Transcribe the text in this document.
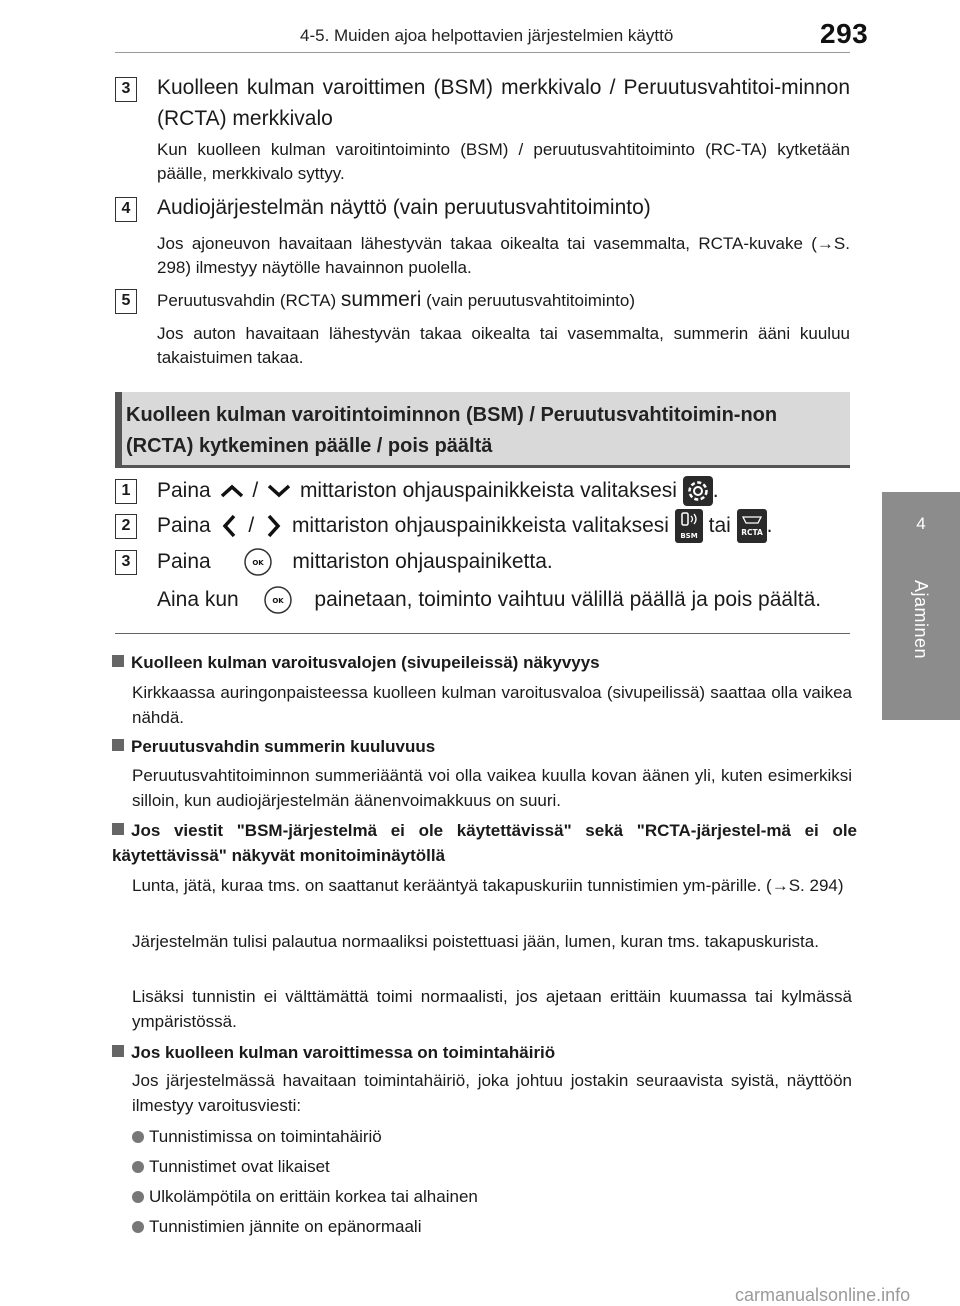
4-5. Muiden ajoa helpottavien järjestelmien käyttö	293
4
Ajaminen
3	Kuolleen kulman varoittimen (BSM) merkkivalo / Peruutusvahtitoi-minnon (RCTA) merkkivalo
Kun kuolleen kulman varoitintoiminto (BSM) / peruutusvahtitoiminto (RC-TA) kytketään päälle, merkkivalo syttyy.
4	Audiojärjestelmän näyttö (vain peruutusvahtitoiminto)
Jos ajoneuvon havaitaan lähestyvän takaa oikealta tai vasemmalta, RCTA-kuvake (→S. 298) ilmestyy näytölle havainnon puolella.
5	Peruutusvahdin (RCTA) summeri (vain peruutusvahtitoiminto)
Jos auton havaitaan lähestyvän takaa oikealta tai vasemmalta, summerin ääni kuuluu takaistuimen takaa.
Kuolleen kulman varoitintoiminnon (BSM) / Peruutusvahtitoimin-non (RCTA) kytkeminen päälle / pois päältä
1	Paina / mittariston ohjauspainikkeista valitaksesi .
2	Paina / mittariston ohjauspainikkeista valitaksesi BSM tai RCTA .
3	Paina	OK mittariston ohjauspainiketta.
Aina kun	OK painetaan, toiminto vaihtuu välillä päällä ja pois päältä.
Kuolleen kulman varoitusvalojen (sivupeileissä) näkyvyys
Kirkkaassa auringonpaisteessa kuolleen kulman varoitusvaloa (sivupeilissä) saattaa olla vaikea nähdä.
Peruutusvahdin summerin kuuluvuus
Peruutusvahtitoiminnon summeriääntä voi olla vaikea kuulla kovan äänen yli, kuten esimerkiksi silloin, kun audiojärjestelmän äänenvoimakkuus on suuri.
Jos viestit "BSM-järjestelmä ei ole käytettävissä" sekä "RCTA-järjestel-mä ei ole käytettävissä" näkyvät monitoiminäytöllä
Lunta, jätä, kuraa tms. on saattanut kerääntyä takapuskuriin tunnistimien ym-pärille. (→S. 294)
Järjestelmän tulisi palautua normaaliksi poistettuasi jään, lumen, kuran tms. takapuskurista.
Lisäksi tunnistin ei välttämättä toimi normaalisti, jos ajetaan erittäin kuumassa tai kylmässä ympäristössä.
Jos kuolleen kulman varoittimessa on toimintahäiriö
Jos järjestelmässä havaitaan toimintahäiriö, joka johtuu jostakin seuraavista syistä, näyttöön ilmestyy varoitusviesti:
Tunnistimissa on toimintahäiriö
Tunnistimet ovat likaiset
Ulkolämpötila on erittäin korkea tai alhainen
Tunnistimien jännite on epänormaali
carmanualsonline.info
